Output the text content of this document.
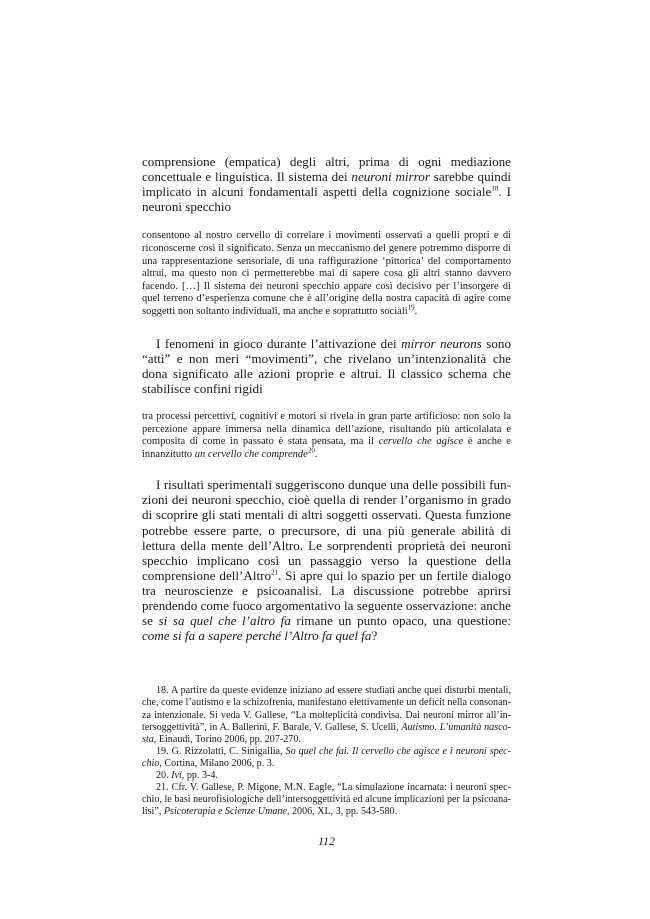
comprensione (empatica) degli altri, prima di ogni mediazione concettuale e linguistica. Il sistema dei neuroni mirror sarebbe quindi implicato in alcuni fondamentali aspetti della cognizione sociale$^{18}$. I neuroni specchio

consentono al nostro cervello di correlare i movimenti osservati a quelli propri e di riconoscerne così il significato. Senza un meccanismo del genere potremmo disporre di una rappresentazione sensoriale, di una raffigurazione ‘pittorica’ del comportamento altrui, ma questo non ci permetterebbe mai di sapere cosa gli altri stanno davvero facendo. […] Il sistema dei neuroni specchio appare così decisivo per l’insorgere di quel terreno d’esperienza comune che è all’origine della nostra capacità di agire come soggetti non soltanto individuali, ma anche e soprattutto sociali$^{19}$.

I fenomeni in gioco durante l’attivazione dei mirror neurons sono “atti” e non meri “movimenti”, che rivelano un’intenzionalità che dona significato alle azioni proprie e altrui. Il classico schema che stabilisce confini rigidi

tra processi percettivi, cognitivi e motori si rivela in gran parte artificioso: non solo la percezione appare immersa nella dinamica dell’azione, risultando più articolalata e composita di come in passato è stata pensata, ma il cervello che agisce è anche e innanzitutto un cervello che comprende$^{20}$.

I risultati sperimentali suggeriscono dunque una delle possibili funzioni dei neuroni specchio, cioè quella di render l’organismo in grado di scoprire gli stati mentali di altri soggetti osservati. Questa funzione potrebbe essere parte, o precursore, di una più generale abilità di lettura della mente dell’Altro. Le sorprendenti proprietà dei neuroni specchio implicano così un passaggio verso la questione della comprensione dell’Altro$^{21}$. Si apre qui lo spazio per un fertile dialogo tra neuroscienze e psicoanalisi. La discussione potrebbe aprirsi prendendo come fuoco argomentativo la seguente osservazione: anche se si sa quel che l’altro fa rimane un punto opaco, una questione: come si fa a sapere perché l’Altro fa quel fa?

18. A partire da queste evidenze iniziano ad essere studiati anche quei disturbi mentali, che, come l’autismo e la schizofrenia, manifestano elettivamente un deficit nella consonanza intenzionale. Si veda V. Gallese, “La molteplicità condivisa. Dai neuroni mirror all’intersoggettività”, in A. Ballerini, F. Barale, V. Gallese, S. Ucelli, Autismo. L’umanità nascosta, Einaudi, Torino 2006, pp. 207-270.

19. G. Rizzolatti, C. Sinigallia, So quel che fai. Il cervello che agisce e i neuroni specchio, Cortina, Milano 2006, p. 3.

20. Ivi, pp. 3-4.

21. Cfr. V. Gallese, P. Migone, M.N. Eagle, “La simulazione incarnata: i neuroni specchio, le basi neurofisiologiche dell’intersoggettività ed alcune implicazioni per la psicoanalisi”, Psicoterapia e Scienze Umane, 2006, XL, 3, pp. 543-580.

112
